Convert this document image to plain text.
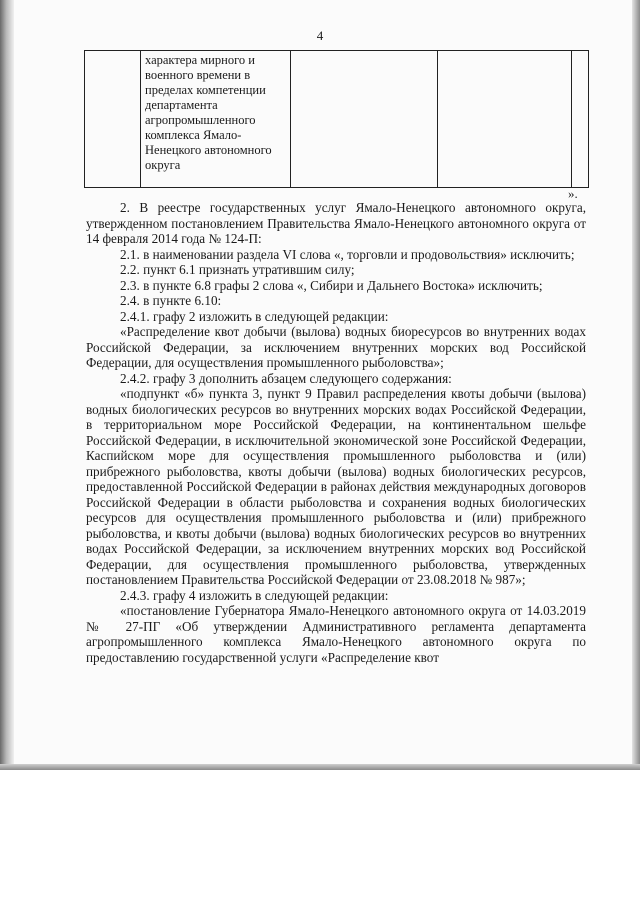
4

характера мирного и военного времени в пределах компетенции департамента агропромышленного комплекса Ямало-Ненецкого автономного округа

».

2. В реестре государственных услуг Ямало-Ненецкого автономного округа, утвержденном постановлением Правительства Ямало-Ненецкого автономного округа от 14 февраля 2014 года № 124-П:

2.1. в наименовании раздела VI слова «, торговли и продовольствия» исключить;

2.2. пункт 6.1 признать утратившим силу;

2.3. в пункте 6.8 графы 2 слова «, Сибири и Дальнего Востока» исключить;

2.4. в пункте 6.10:

2.4.1. графу 2 изложить в следующей редакции:

«Распределение квот добычи (вылова) водных биоресурсов во внутренних водах Российской Федерации, за исключением внутренних морских вод Российской Федерации, для осуществления промышленного рыболовства»;

2.4.2. графу 3 дополнить абзацем следующего содержания:

«подпункт «б» пункта 3, пункт 9 Правил распределения квоты добычи (вылова) водных биологических ресурсов во внутренних морских водах Российской Федерации, в территориальном море Российской Федерации, на континентальном шельфе Российской Федерации, в исключительной экономической зоне Российской Федерации, Каспийском море для осуществления промышленного рыболовства и (или) прибрежного рыболовства, квоты добычи (вылова) водных биологических ресурсов, предоставленной Российской Федерации в районах действия международных договоров Российской Федерации в области рыболовства и сохранения водных биологических ресурсов для осуществления промышленного рыболовства и (или) прибрежного рыболовства, и квоты добычи (вылова) водных биологических ресурсов во внутренних водах Российской Федерации, за исключением внутренних морских вод Российской Федерации, для осуществления промышленного рыболовства, утвержденных постановлением Правительства Российской Федерации от 23.08.2018 № 987»;

2.4.3. графу 4 изложить в следующей редакции:

«постановление Губернатора Ямало-Ненецкого автономного округа от 14.03.2019 № 27-ПГ «Об утверждении Административного регламента департамента агропромышленного комплекса Ямало-Ненецкого автономного округа по предоставлению государственной услуги «Распределение квот
